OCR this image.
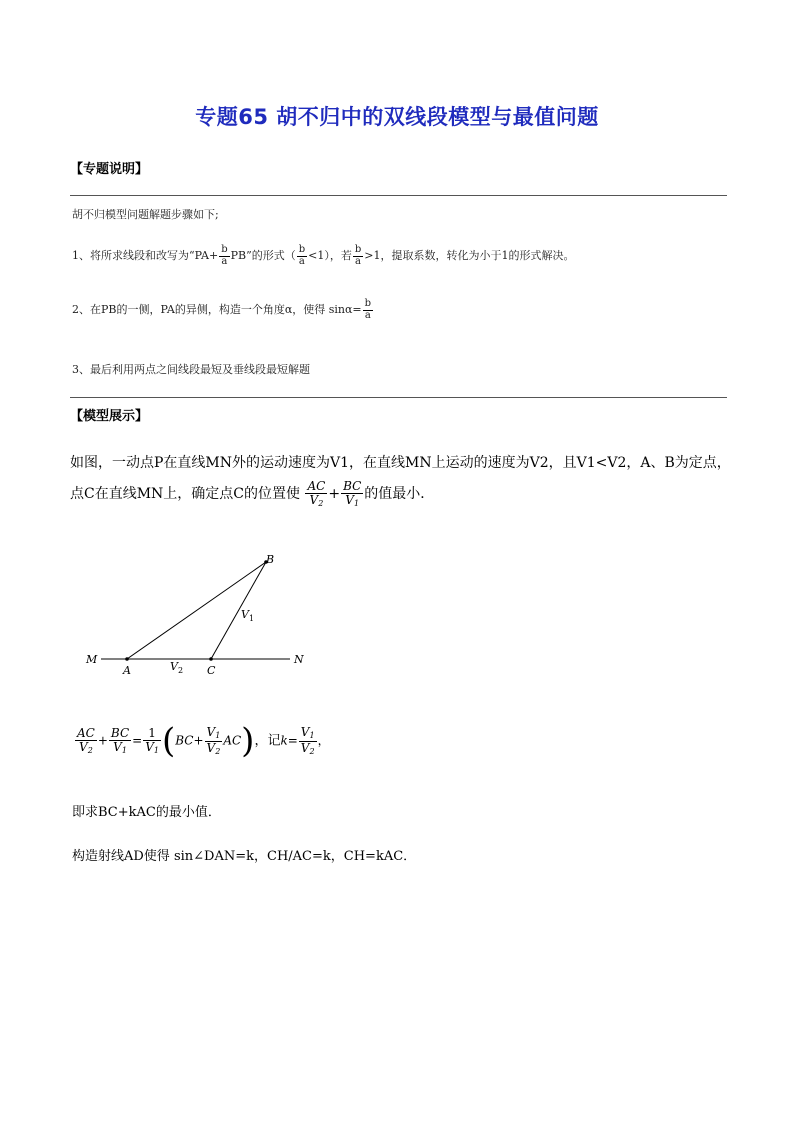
专题65 胡不归中的双线段模型与最值问题
【专题说明】
胡不归模型问题解题步骤如下;
1、将所求线段和改写为“$PA+ \frac{b}{a}$ PB”的形式（ $\frac{b}{a} <1$），若 $\frac{b}{a} >1$，提取系数，转化为小于1的形式解决。
2、在PB的一侧，PA的异侧，构造一个角度α，使得 $\sin\alpha= \frac{b}{a}$
3、最后利用两点之间线段最短及垂线段最短解题
【模型展示】
如图，一动点P在直线MN外的运动速度为V1，在直线MN上运动的速度为V2，且V1<V2，A、B为定点，
点C在直线MN上，确定点C的位置使 $\frac{AC}{V_2} + \frac{BC}{V_1}$ 的值最小．
M
A	C
N
B
$V_1$
$V_2$
$\frac{AC}{V_2} + \frac{BC}{V_1} = \frac{1}{V_1} (BC+ \frac{V_1}{V_2} AC)$，记$k= \frac{V_1}{V_2}$ ，
即求BC+kAC的最小值．
构造射线AD使得 sin∠DAN=k，CH/AC=k，CH=kAC．
